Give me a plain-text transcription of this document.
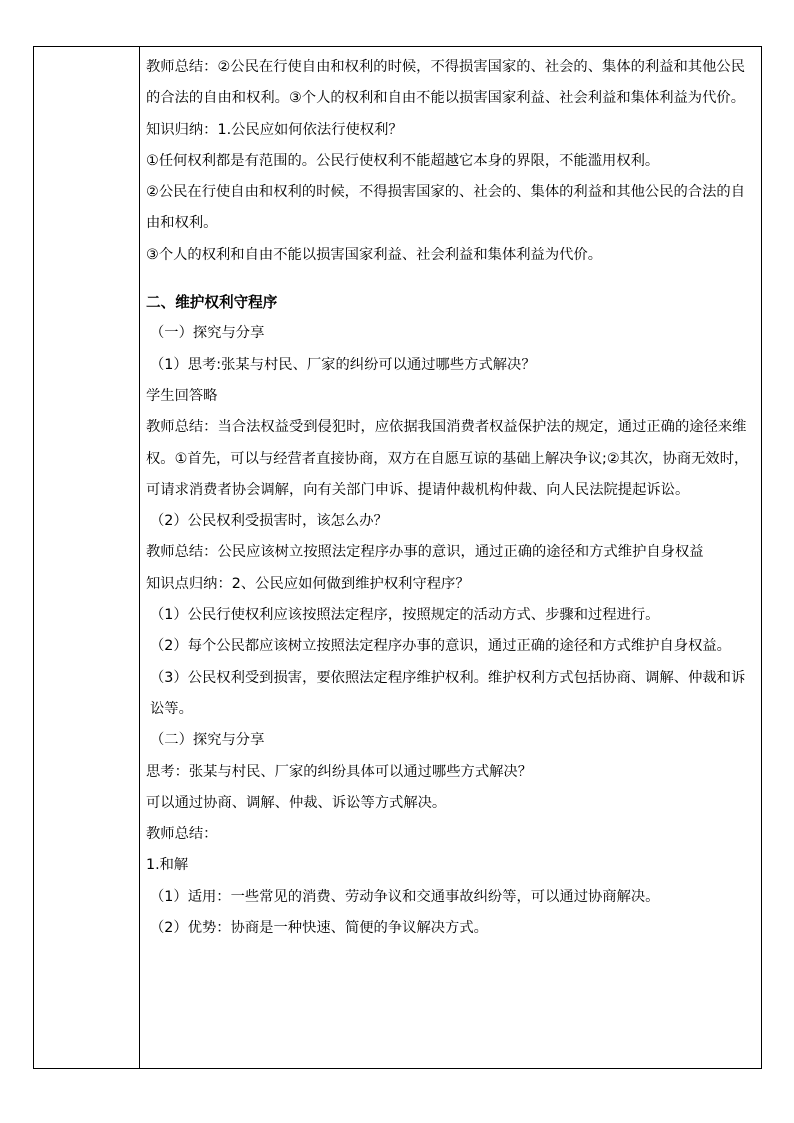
教师总结：②公民在行使自由和权利的时候，不得损害国家的、社会的、集体的利益和其他公民的合法的自由和权利。③个人的权利和自由不能以损害国家利益、社会利益和集体利益为代价。

知识归纳：1.公民应如何依法行使权利？

①任何权利都是有范围的。公民行使权利不能超越它本身的界限，不能滥用权利。

②公民在行使自由和权利的时候，不得损害国家的、社会的、集体的利益和其他公民的合法的自由和权利。

③个人的权利和自由不能以损害国家利益、社会利益和集体利益为代价。

二、维护权利守程序

（一）探究与分享

（1）思考:张某与村民、厂家的纠纷可以通过哪些方式解决？

学生回答略

教师总结：当合法权益受到侵犯时，应依据我国消费者权益保护法的规定，通过正确的途径来维权。①首先，可以与经营者直接协商，双方在自愿互谅的基础上解决争议;②其次，协商无效时，可请求消费者协会调解，向有关部门申诉、提请仲裁机构仲裁、向人民法院提起诉讼。

（2）公民权利受损害时，该怎么办？

教师总结：公民应该树立按照法定程序办事的意识，通过正确的途径和方式维护自身权益

知识点归纳：2、公民应如何做到维护权利守程序？

（1）公民行使权利应该按照法定程序，按照规定的活动方式、步骤和过程进行。

（2）每个公民都应该树立按照法定程序办事的意识，通过正确的途径和方式维护自身权益。

（3）公民权利受到损害，要依照法定程序维护权利。维护权利方式包括协商、调解、仲裁和诉讼等。

（二）探究与分享

思考：张某与村民、厂家的纠纷具体可以通过哪些方式解决？

可以通过协商、调解、仲裁、诉讼等方式解决。

教师总结：

1.和解

（1）适用：一些常见的消费、劳动争议和交通事故纠纷等，可以通过协商解决。

（2）优势：协商是一种快速、简便的争议解决方式。
